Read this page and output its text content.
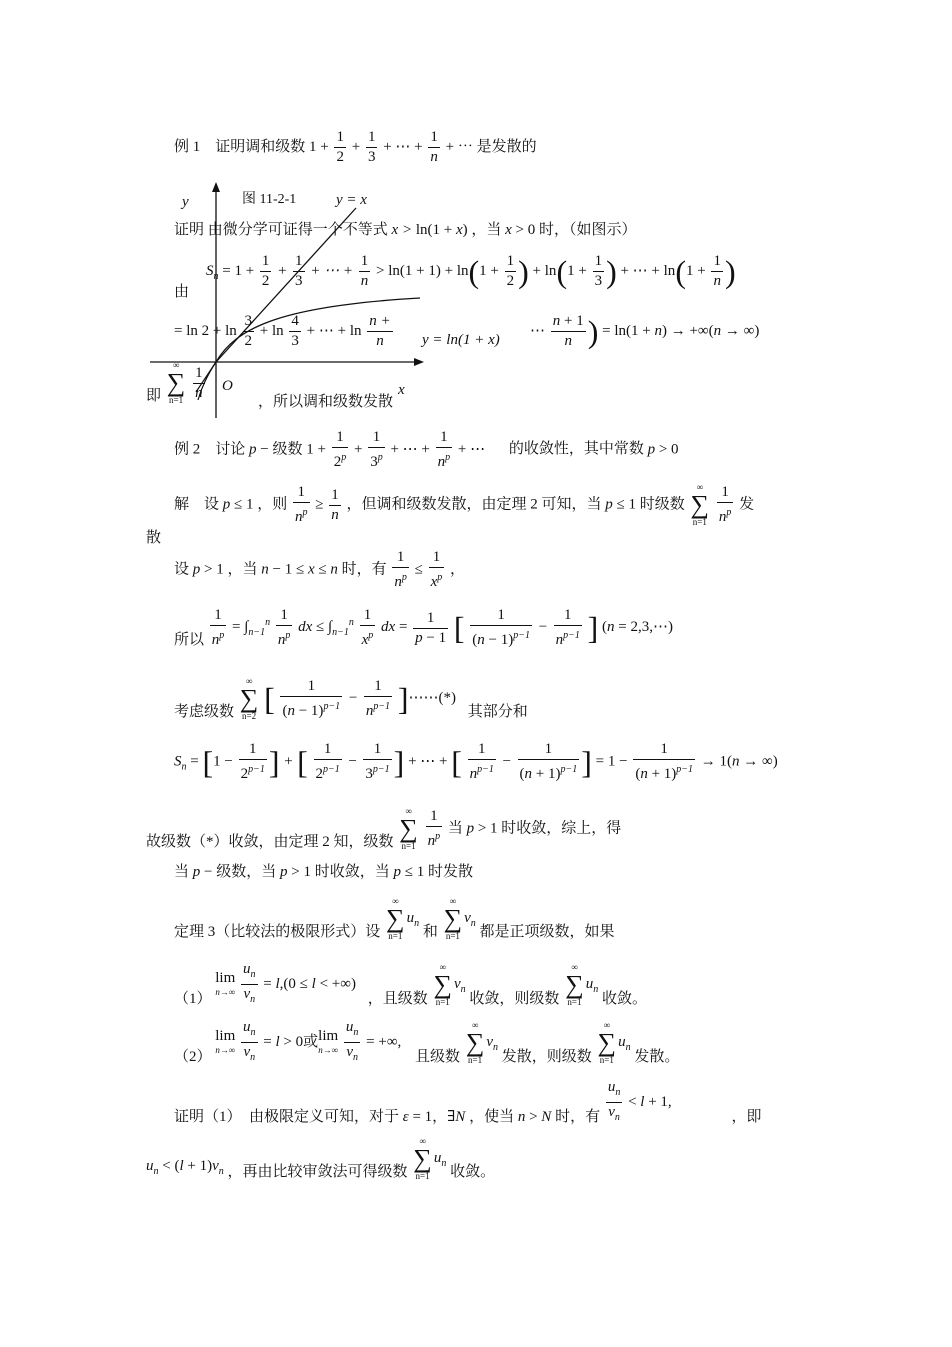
例 1　证明调和级数 $1 + \frac{1}{2} + \frac{1}{3}$ + ⋯ + $\frac{1}{n}$ + ⋯ 是发散的
y	图 11-2-1	y = x
O	x
y = ln(1 + x)
证明 由微分学可证得一个不等式 x > ln(1 + x) ，当 x > 0 时，（如图示）
由
$S_n = 1 + \frac{1}{2} + \frac{1}{3}$ + ⋯ + $\frac{1}{n} > \ln(1 + 1) + \ln(1 + \frac{1}{2}$ ) + $\ln(1 + \frac{1}{3}$ ) + ⋯ + $\ln(1 + \frac{1}{n}$ )
= $\ln 2 + \ln \frac{3}{2} + \ln \frac{4}{3}$ + ⋯ + $\ln \frac{n +}{n}$	⋯ $\frac{n + 1}{n}$ ) = ln(1 + n) → +∞(n → ∞)
即
∞
∑
n=1
$\frac{1}{n}$	，所以调和级数发散
例 2　讨论 p − 级数 $1 + \frac{1}{2^p} + \frac{1}{3^p}$ + ⋯ + $\frac{1}{n^p}$ + ⋯ 的收敛性，其中常数 p > 0
解　设 p ≤ 1 ，则 $\frac{1}{n^p} \ge \frac{1}{n}$ ，但调和级数发散，由定理 2 可知，当 p ≤ 1 时级数
∞
∑
n=1
$\frac{1}{n^p}$ 发
散
设 p > 1 ，当 n − 1 ≤ x ≤ n 时，有 $\frac{1}{n^p} \le \frac{1}{x^p}$ ，
所以 $\frac{1}{n^p} = \int_{n-1}^n \frac{1}{n^p}$ dx ≤ $\int_{n-1}^n \frac{1}{x^p}$ dx = $\frac{1}{p - 1}$ [ $\frac{1}{(n - 1)^{p-1}} - \frac{1}{n^{p-1}}$ ] (n = 2,3,⋯)
考虑级数
∞
∑
n=2 [ $\frac{1}{(n - 1)^{p-1}} - \frac{1}{n^{p-1}}$ ]⋯⋯(*) 其部分和
$S_n = [1 - \frac{1}{2^{p-1}}$ ] + [ $\frac{1}{2^{p-1}} - \frac{1}{3^{p-1}}$ ] + ⋯ + [ $\frac{1}{n^{p-1}} - \frac{1}{(n + 1)^{p-1}}$ ] = $1 - \frac{1}{(n + 1)^{p-1}} \to 1(n$ → ∞)
故级数（*）收敛，由定理 2 知，级数
∞
∑
n=1
$\frac{1}{n^p}$ 当 p > 1 时收敛，综上，得
当 p − 级数，当 p > 1 时收敛，当 p ≤ 1 时发散
定理 3（比较法的极限形式）设
∞
∑
n=1
$u_n$ 和
∞
∑
n=1
$v_n$ 都是正项级数，如果
（1） lim
n→∞
$\frac{u_n}{v_n} = l,(0 \le l$ < +∞) ，且级数
∞
∑
n=1
$v_n$ 收敛，则级数
∞
∑
n=1
$u_n$ 收敛。
（2） lim
n→∞
$\frac{u_n}{v_n} = l > 0$或lim
n→∞
$\frac{u_n}{v_n}$ = +∞, 且级数
∞
∑
n=1
$v_n$ 发散，则级数
∞
∑
n=1
$u_n$ 发散。
证明（1）　由极限定义可知，对于 ε = 1，∃N ，使当 n > N 时，有 $\frac{u_n}{v_n} < l + 1$, ，即
$u_n < (l + 1)v_n$ ，再由比较审敛法可得级数
∞
∑
n=1
$u_n$ 收敛。
